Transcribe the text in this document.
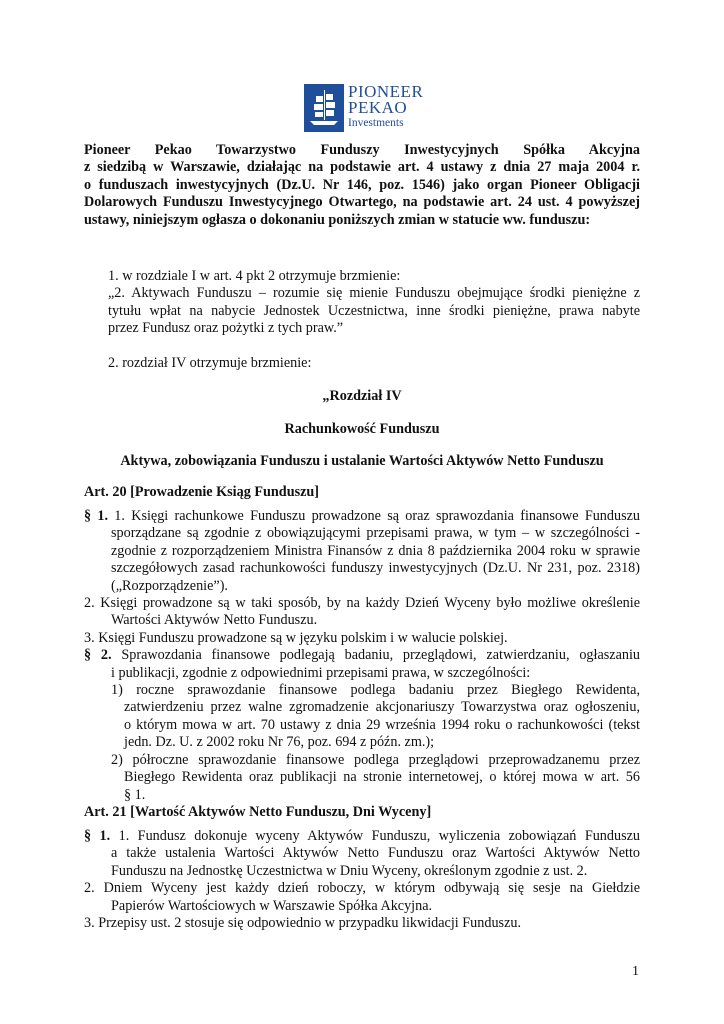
PIONEER
PEKAO
Investments
Pioneer Pekao Towarzystwo Funduszy Inwestycyjnych Spółka Akcyjna
z siedzibą w Warszawie, działając na podstawie art. 4 ustawy z dnia 27 maja 2004 r.
o funduszach inwestycyjnych (Dz.U. Nr 146, poz. 1546) jako organ Pioneer Obligacji
Dolarowych Funduszu Inwestycyjnego Otwartego, na podstawie art. 24 ust. 4 powyższej
ustawy, niniejszym ogłasza o dokonaniu poniższych zmian w statucie ww. funduszu:
1. w rozdziale I w art. 4 pkt 2 otrzymuje brzmienie:
„2. Aktywach Funduszu – rozumie się mienie Funduszu obejmujące środki pieniężne z
tytułu wpłat na nabycie Jednostek Uczestnictwa, inne środki pieniężne, prawa nabyte
przez Fundusz oraz pożytki z tych praw.”
2. rozdział IV otrzymuje brzmienie:
„Rozdział IV
Rachunkowość Funduszu
Aktywa, zobowiązania Funduszu i ustalanie Wartości Aktywów Netto Funduszu
Art. 20 [Prowadzenie Ksiąg Funduszu]
§ 1. 1. Księgi rachunkowe Funduszu prowadzone są oraz sprawozdania finansowe Funduszu
sporządzane są zgodnie z obowiązującymi przepisami prawa, w tym – w szczególności -
zgodnie z rozporządzeniem Ministra Finansów z dnia 8 października 2004 roku w sprawie
szczegółowych zasad rachunkowości funduszy inwestycyjnych (Dz.U. Nr 231, poz. 2318)
(„Rozporządzenie”).
2. Księgi prowadzone są w taki sposób, by na każdy Dzień Wyceny było możliwe określenie
Wartości Aktywów Netto Funduszu.
3. Księgi Funduszu prowadzone są w języku polskim i w walucie polskiej.
§ 2. Sprawozdania finansowe podlegają badaniu, przeglądowi, zatwierdzaniu, ogłaszaniu
i publikacji, zgodnie z odpowiednimi przepisami prawa, w szczególności:
1) roczne sprawozdanie finansowe podlega badaniu przez Biegłego Rewidenta,
zatwierdzeniu przez walne zgromadzenie akcjonariuszy Towarzystwa oraz ogłoszeniu,
o którym mowa w art. 70 ustawy z dnia 29 września 1994 roku o rachunkowości (tekst
jedn. Dz. U. z 2002 roku Nr 76, poz. 694 z późn. zm.);
2) półroczne sprawozdanie finansowe podlega przeglądowi przeprowadzanemu przez
Biegłego Rewidenta oraz publikacji na stronie internetowej, o której mowa w art. 56
§ 1.
Art. 21 [Wartość Aktywów Netto Funduszu, Dni Wyceny]
§ 1. 1. Fundusz dokonuje wyceny Aktywów Funduszu, wyliczenia zobowiązań Funduszu
a także ustalenia Wartości Aktywów Netto Funduszu oraz Wartości Aktywów Netto
Funduszu na Jednostkę Uczestnictwa w Dniu Wyceny, określonym zgodnie z ust. 2.
2. Dniem Wyceny jest każdy dzień roboczy, w którym odbywają się sesje na Giełdzie
Papierów Wartościowych w Warszawie Spółka Akcyjna.
3. Przepisy ust. 2 stosuje się odpowiednio w przypadku likwidacji Funduszu.
1
